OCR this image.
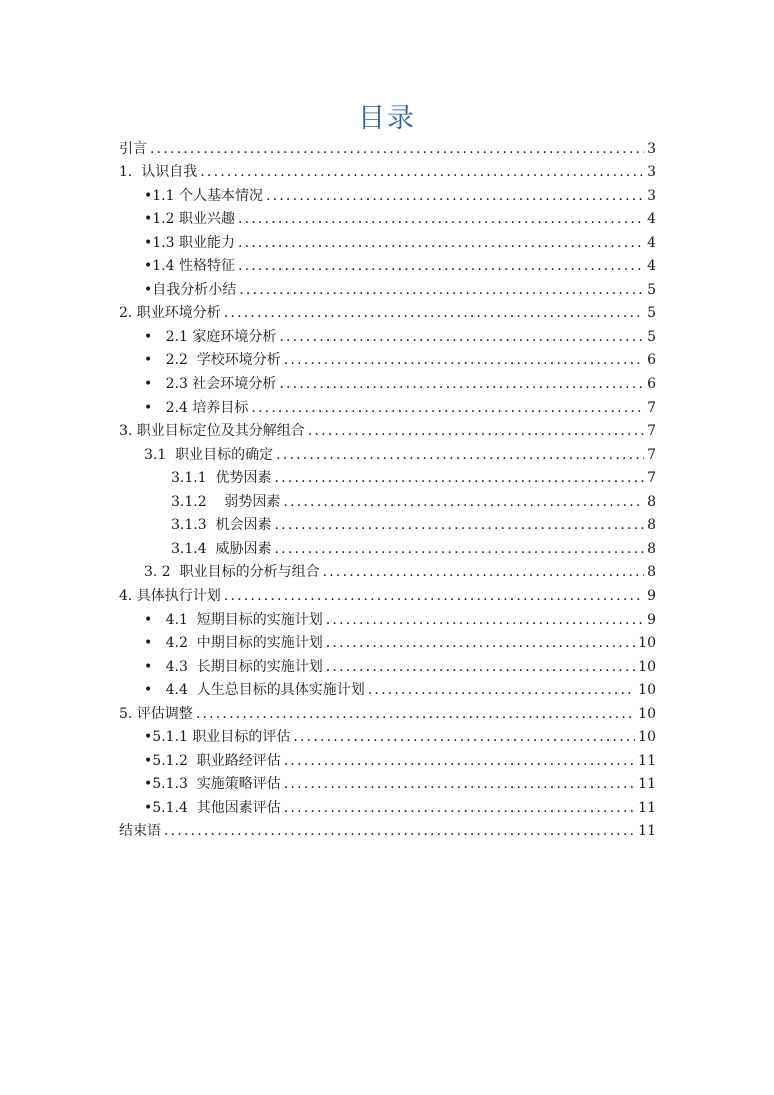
目录
引言 .....	3
1.  认识自我 .....	3
•1.1 个人基本情况 .....	3
•1.2 职业兴趣 .....	4
•1.3 职业能力 .....	4
•1.4 性格特征 .....	4
•自我分析小结 .....	5
2. 职业环境分析 .....	5
•   2.1 家庭环境分析 .....	5
•   2.2  学校环境分析 .....	6
•   2.3 社会环境分析 .....	6
•   2.4 培养目标 .....	7
3. 职业目标定位及其分解组合 .....	7
3.1  职业目标的确定 .....	7
3.1.1  优势因素 .....	7
3.1.2    弱势因素 .....	8
3.1.3  机会因素 .....	8
3.1.4  威胁因素 .....	8
3. 2  职业目标的分析与组合 .....	8
4. 具体执行计划 .....	9
•   4.1  短期目标的实施计划 .....	9
•   4.2  中期目标的实施计划 .....	10
•   4.3  长期目标的实施计划 .....	10
•   4.4  人生总目标的具体实施计划 .....	10
5. 评估调整 .....	10
•5.1.1 职业目标的评估 .....	10
•5.1.2  职业路经评估 .....	11
•5.1.3  实施策略评估 .....	11
•5.1.4  其他因素评估 .....	11
结束语 .....	11
